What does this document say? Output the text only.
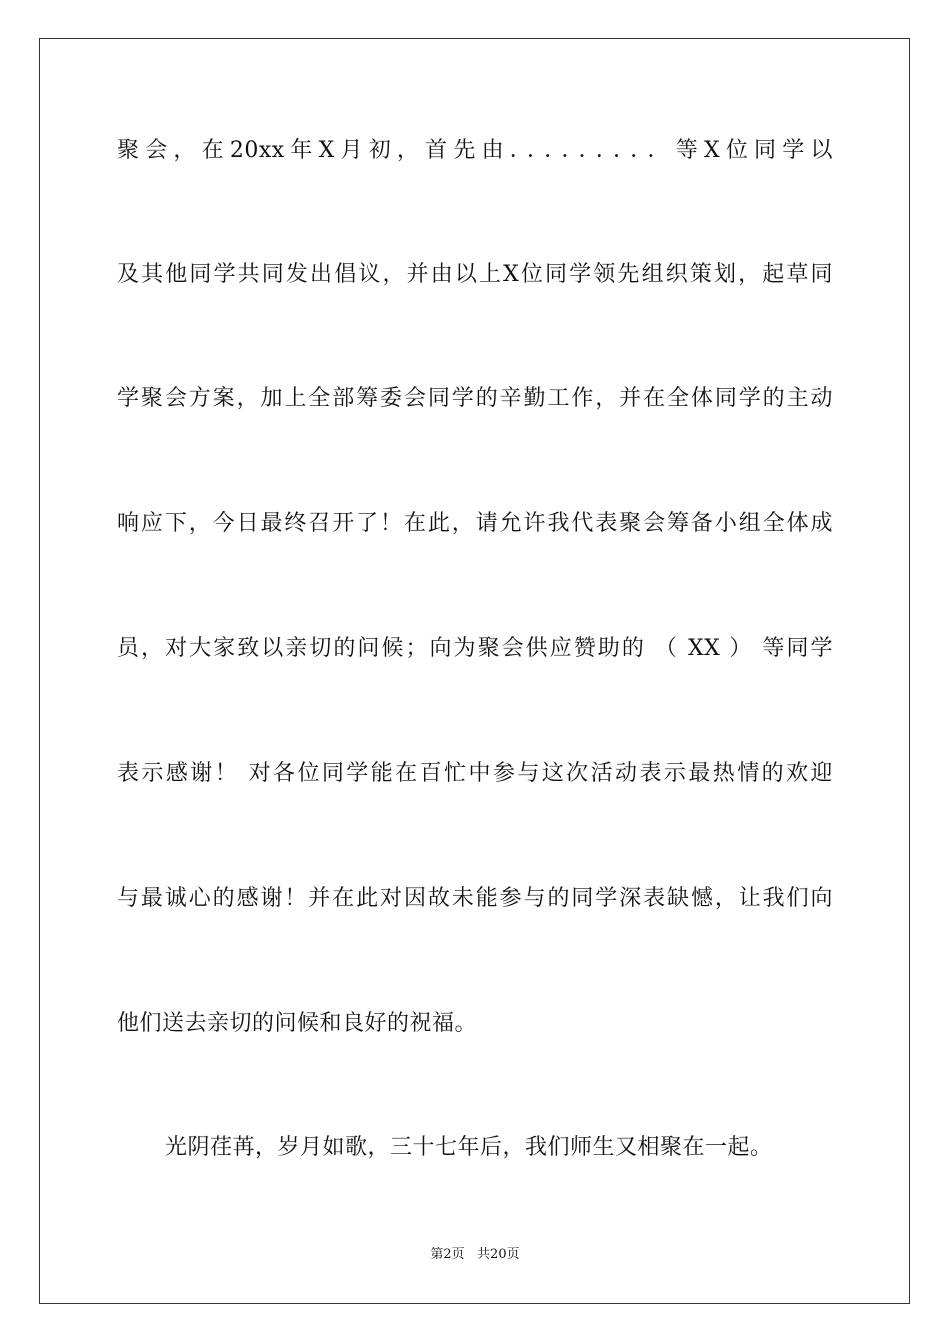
聚会，在20xx年X月初，首先由．．．．．．．．．等X位同学以
及其他同学共同发出倡议，并由以上X位同学领先组织策划，起草同
学聚会方案，加上全部筹委会同学的辛勤工作，并在全体同学的主动
响应下，今日最终召开了！在此，请允许我代表聚会筹备小组全体成
员，对大家致以亲切的问候；向为聚会供应赞助的 （ XX ） 等同学
表示感谢！ 对各位同学能在百忙中参与这次活动表示最热情的欢迎
与最诚心的感谢！并在此对因故未能参与的同学深表缺憾，让我们向
他们送去亲切的问候和良好的祝福。
光阴荏苒，岁月如歌，三十七年后，我们师生又相聚在一起。
第2页   共20页
